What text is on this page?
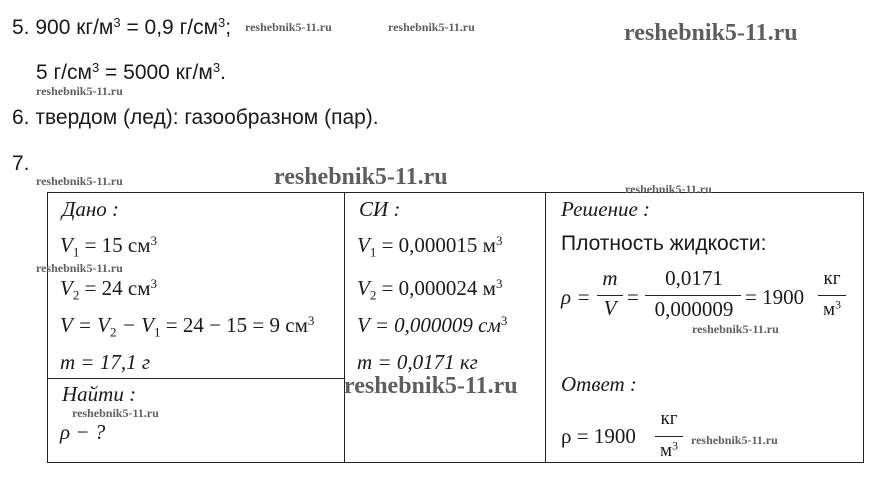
5. 900 $кг/м^3 = 0,9$ $г/см^3$;
5 $г/см^3 = 5000$ $кг/м^3$.
6. твердом (лед): газообразном (пар).
7.
Дано :
$V_1 = 15$ $см^3$
$V_2 = 24$ $см^3$
$V = V_2 - V_1 = 24 - 15 = 9$ $см^3$
m = 17,1 г
Найти :
ρ − ?
СИ :
$V_1 = 0,000015$ $м^3$
$V_2 = 0,000024$ $м^3$
V = 0,000009 $см^3$
m = 0,0171 кг
Решение :
Плотность жидкости:
ρ =
m
V =
0,0171
0,000009 = 1900
кг
$м^3$
Ответ :
ρ = 1900
кг
$м^3$
reshebnik5-11.ru	reshebnik5-11.ru	reshebnik5-11.ru
reshebnik5-11.ru
reshebnik5-11.ru	reshebnik5-11.ru	reshebnik5-11.ru
reshebnik5-11.ru
reshebnik5-11.ru
reshebnik5-11.ru
reshebnik5-11.ru
reshebnik5-11.ru
